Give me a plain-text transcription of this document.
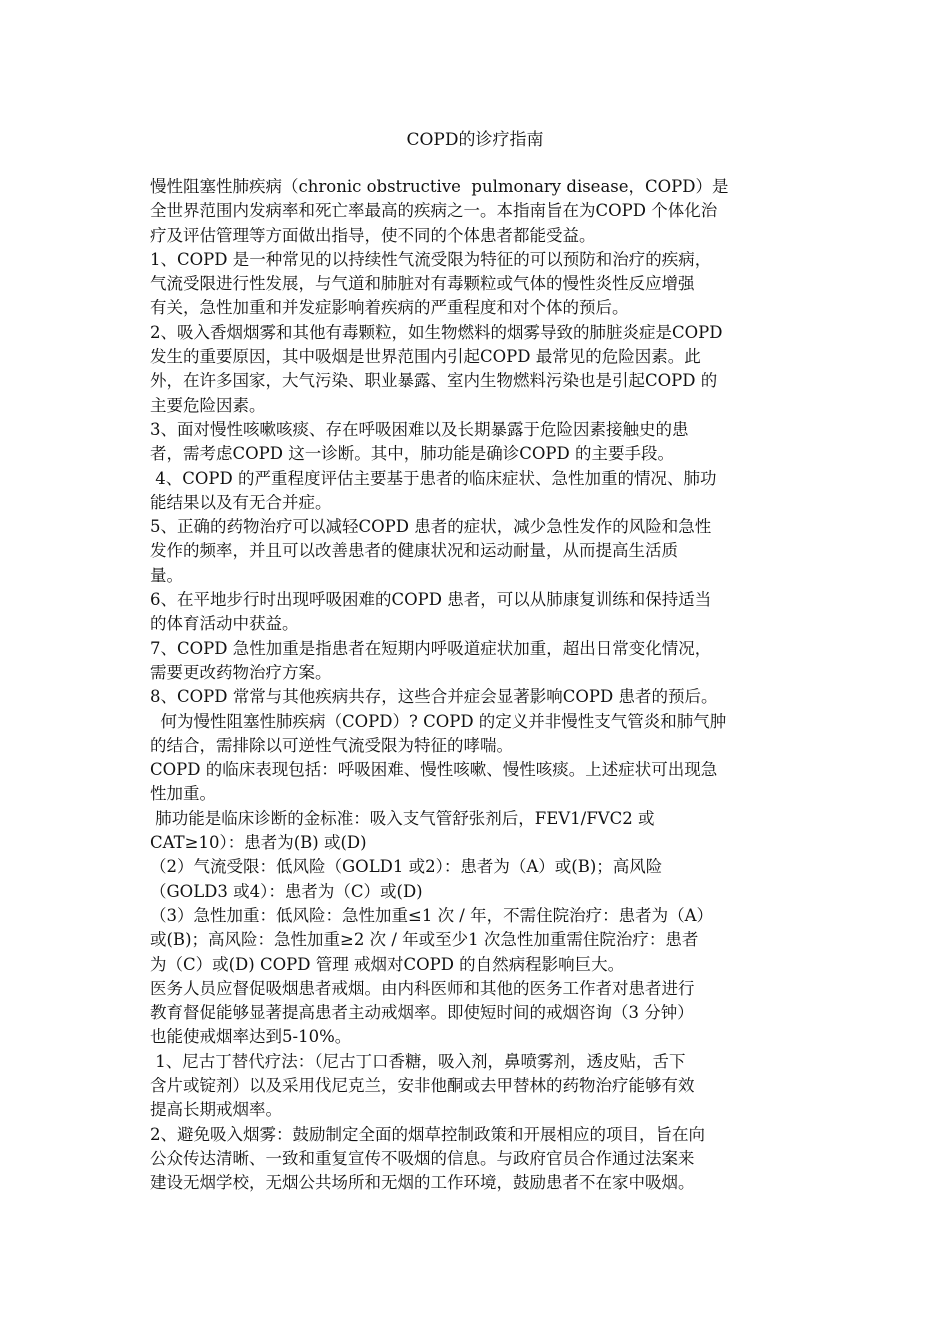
COPD的诊疗指南

慢性阻塞性肺疾病（chronic obstructive  pulmonary disease，COPD）是
全世界范围内发病率和死亡率最高的疾病之一。本指南旨在为COPD 个体化治
疗及评估管理等方面做出指导，使不同的个体患者都能受益。

1、COPD 是一种常见的以持续性气流受限为特征的可以预防和治疗的疾病，
气流受限进行性发展，与气道和肺脏对有毒颗粒或气体的慢性炎性反应增强
有关，急性加重和并发症影响着疾病的严重程度和对个体的预后。

2、吸入香烟烟雾和其他有毒颗粒，如生物燃料的烟雾导致的肺脏炎症是COPD
发生的重要原因，其中吸烟是世界范围内引起COPD 最常见的危险因素。此
外，在许多国家，大气污染、职业暴露、室内生物燃料污染也是引起COPD 的
主要危险因素。

3、面对慢性咳嗽咳痰、存在呼吸困难以及长期暴露于危险因素接触史的患
者，需考虑COPD 这一诊断。其中，肺功能是确诊COPD 的主要手段。

4、COPD 的严重程度评估主要基于患者的临床症状、急性加重的情况、肺功
能结果以及有无合并症。

5、正确的药物治疗可以减轻COPD 患者的症状，减少急性发作的风险和急性
发作的频率，并且可以改善患者的健康状况和运动耐量，从而提高生活质
量。

6、在平地步行时出现呼吸困难的COPD 患者，可以从肺康复训练和保持适当
的体育活动中获益。

7、COPD 急性加重是指患者在短期内呼吸道症状加重，超出日常变化情况，
需要更改药物治疗方案。

8、COPD 常常与其他疾病共存，这些合并症会显著影响COPD 患者的预后。
何为慢性阻塞性肺疾病（COPD）? COPD 的定义并非慢性支气管炎和肺气肿
的结合，需排除以可逆性气流受限为特征的哮喘。

COPD 的临床表现包括：呼吸困难、慢性咳嗽、慢性咳痰。上述症状可出现急
性加重。

肺功能是临床诊断的金标准：吸入支气管舒张剂后，FEV1/FVC2 或
CAT≥10）：患者为(B) 或(D)

（2）气流受限：低风险（GOLD1 或2）：患者为（A）或(B)；高风险
（GOLD3 或4）：患者为（C）或(D)

（3）急性加重：低风险：急性加重≤1 次 / 年，不需住院治疗：患者为（A）
或(B)；高风险：急性加重≥2 次 / 年或至少1 次急性加重需住院治疗：患者
为（C）或(D) COPD 管理 戒烟对COPD 的自然病程影响巨大。

医务人员应督促吸烟患者戒烟。由内科医师和其他的医务工作者对患者进行
教育督促能够显著提高患者主动戒烟率。即使短时间的戒烟咨询（3 分钟）
也能使戒烟率达到5-10%。

1、尼古丁替代疗法：（尼古丁口香糖，吸入剂，鼻喷雾剂，透皮贴，舌下
含片或锭剂）以及采用伐尼克兰，安非他酮或去甲替林的药物治疗能够有效
提高长期戒烟率。

2、避免吸入烟雾：鼓励制定全面的烟草控制政策和开展相应的项目，旨在向
公众传达清晰、一致和重复宣传不吸烟的信息。与政府官员合作通过法案来
建设无烟学校，无烟公共场所和无烟的工作环境，鼓励患者不在家中吸烟。
